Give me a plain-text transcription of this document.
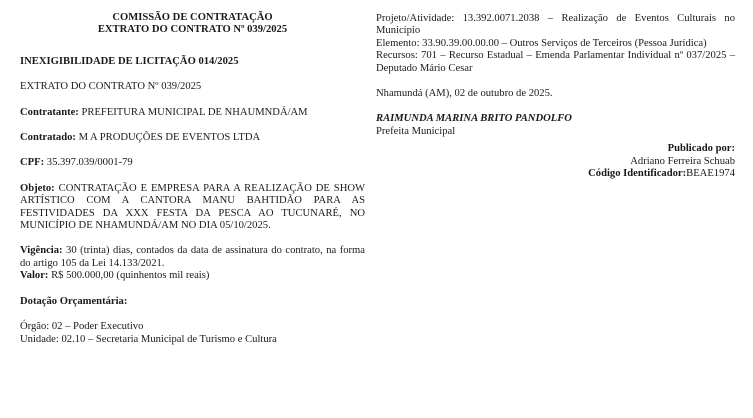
COMISSÃO DE CONTRATAÇÃO

EXTRATO DO CONTRATO Nº 039/2025

INEXIGIBILIDADE DE LICITAÇÃO 014/2025

EXTRATO DO CONTRATO Nº 039/2025

Contratante: PREFEITURA MUNICIPAL DE NHAUMNDÁ/AM

Contratado: M A PRODUÇÕES DE EVENTOS LTDA

CPF: 35.397.039/0001-79

Objeto: CONTRATAÇÃO E EMPRESA PARA A REALIZAÇÃO DE SHOW ARTÍSTICO COM A CANTORA MANU BAHTIDÃO PARA AS FESTIVIDADES DA XXX FESTA DA PESCA AO TUCUNARÉ, NO MUNICÍPIO DE NHAMUNDÁ/AM NO DIA 05/10/2025.

Vigência: 30 (trinta) dias, contados da data de assinatura do contrato, na forma do artigo 105 da Lei 14.133/2021.

Valor: R$ 500.000,00 (quinhentos mil reais)

Dotação Orçamentária:

Órgão: 02 – Poder Executivo

Unidade: 02.10 – Secretaria Municipal de Turismo e Cultura

Projeto/Atividade: 13.392.0071.2038 – Realização de Eventos Culturais no Município

Elemento: 33.90.39.00.00.00 – Outros Serviços de Terceiros (Pessoa Jurídica)

Recursos: 701 – Recurso Estadual – Emenda Parlamentar Individual nº 037/2025 – Deputado Mário Cesar

Nhamundá (AM), 02 de outubro de 2025.

RAIMUNDA MARINA BRITO PANDOLFO

Prefeita Municipal

Publicado por:

Adriano Ferreira Schuab

Código Identificador:BEAE1974
